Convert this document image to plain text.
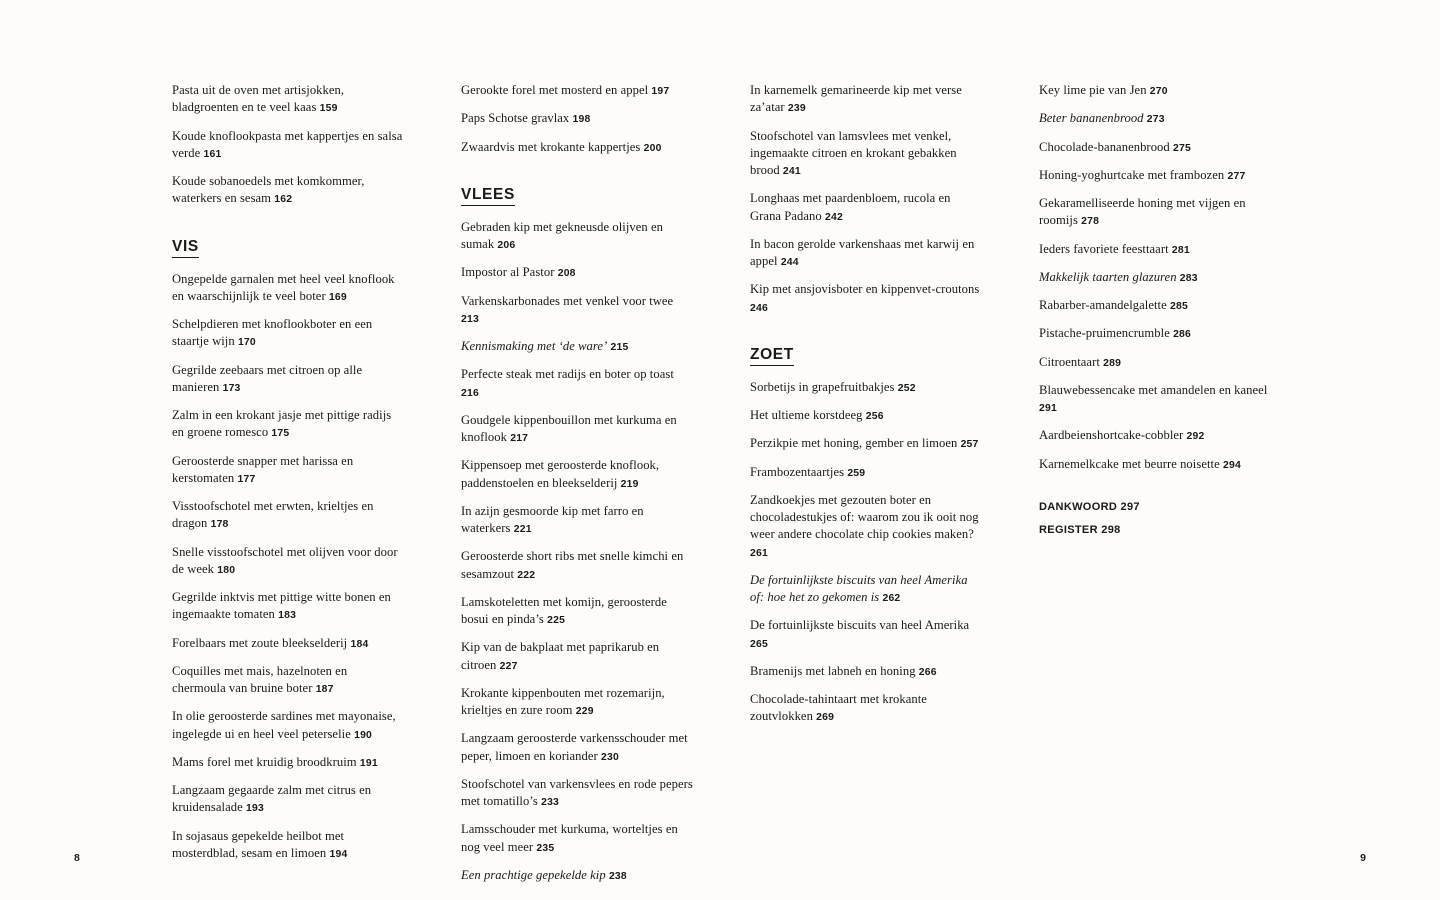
Pasta uit de oven met artisjokken, bladgroenten en te veel kaas 159
Koude knoflookpasta met kappertjes en salsa verde 161
Koude sobanoedels met komkommer, waterkers en sesam 162
VIS
Ongepelde garnalen met heel veel knoflook en waarschijnlijk te veel boter 169
Schelpdieren met knoflookboter en een staartje wijn 170
Gegrilde zeebaars met citroen op alle manieren 173
Zalm in een krokant jasje met pittige radijs en groene romesco 175
Geroosterde snapper met harissa en kerstomaten 177
Visstoofschotel met erwten, krieltjes en dragon 178
Snelle visstoofschotel met olijven voor door de week 180
Gegrilde inktvis met pittige witte bonen en ingemaakte tomaten 183
Forelbaars met zoute bleekselderij 184
Coquilles met mais, hazelnoten en chermoula van bruine boter 187
In olie geroosterde sardines met mayonaise, ingelegde ui en heel veel peterselie 190
Mams forel met kruidig broodkruim 191
Langzaam gegaarde zalm met citrus en kruidensalade 193
In sojasaus gepekelde heilbot met mosterdblad, sesam en limoen 194
Gerookte forel met mosterd en appel 197
Paps Schotse gravlax 198
Zwaardvis met krokante kappertjes 200
VLEES
Gebraden kip met gekneusde olijven en sumak 206
Impostor al Pastor 208
Varkenskarbonades met venkel voor twee 213
Kennismaking met ‘de ware’ 215
Perfecte steak met radijs en boter op toast 216
Goudgele kippenbouillon met kurkuma en knoflook 217
Kippensoep met geroosterde knoflook, paddenstoelen en bleekselderij 219
In azijn gesmoorde kip met farro en waterkers 221
Geroosterde short ribs met snelle kimchi en sesamzout 222
Lamskoteletten met komijn, geroosterde bosui en pinda’s 225
Kip van de bakplaat met paprikarub en citroen 227
Krokante kippenbouten met rozemarijn, krieltjes en zure room 229
Langzaam geroosterde varkensschouder met peper, limoen en koriander 230
Stoofschotel van varkensvlees en rode pepers met tomatillo’s 233
Lamsschouder met kurkuma, worteltjes en nog veel meer 235
Een prachtige gepekelde kip 238
In karnemelk gemarineerde kip met verse za’atar 239
Stoofschotel van lamsvlees met venkel, ingemaakte citroen en krokant gebakken brood 241
Longhaas met paardenbloem, rucola en Grana Padano 242
In bacon gerolde varkenshaas met karwij en appel 244
Kip met ansjovisboter en kippenvet-croutons 246
ZOET
Sorbetijs in grapefruitbakjes 252
Het ultieme korstdeeg 256
Perzikpie met honing, gember en limoen 257
Frambozentaartjes 259
Zandkoekjes met gezouten boter en chocoladestukjes of: waarom zou ik ooit nog weer andere chocolate chip cookies maken? 261
De fortuinlijkste biscuits van heel Amerika of: hoe het zo gekomen is 262
De fortuinlijkste biscuits van heel Amerika 265
Bramenijs met labneh en honing 266
Chocolade-tahintaart met krokante zoutvlokken 269
Key lime pie van Jen 270
Beter bananenbrood 273
Chocolade-bananenbrood 275
Honing-yoghurtcake met frambozen 277
Gekaramelliseerde honing met vijgen en roomijs 278
Ieders favoriete feesttaart 281
Makkelijk taarten glazuren 283
Rabarber-amandelgalette 285
Pistache-pruimencrumble 286
Citroentaart 289
Blauwebessencake met amandelen en kaneel 291
Aardbeienshortcake-cobbler 292
Karnemelkcake met beurre noisette 294
DANKWOORD 297
REGISTER 298
8	9
